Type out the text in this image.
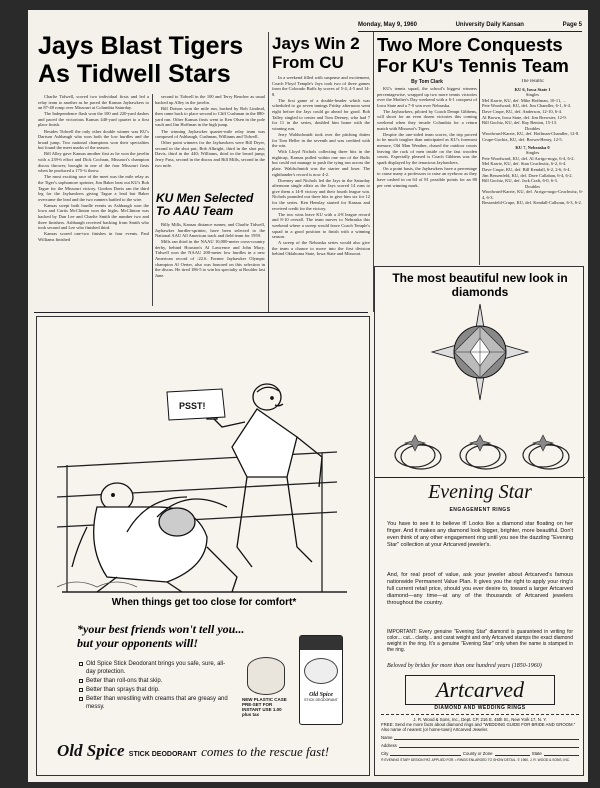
Monday, May 9, 1960	University Daily Kansan	Page 5
Jays Blast Tigers As Tidwell Stars

Charlie Tidwell, scored two individual firsts and led a relay team to another as he paced the Kansas Jayhawkers to an 87-48 romp over Missouri at Columbia Saturday.

The Independence flash won the 100 and 220-yard dashes and paced the victorious Kansas 440-yard quartet to a first place finish.

Besides Tidwell the only other double winner was KU's Dartson Ashbaugh who won both the low hurdles and the broad jump. Two national champions won their specialties but found the meet marks of the season.

Bill Alley gave Kansas another first as he won the javelin with a 239-6 effort and Dick Cochran, Missouri's champion discus thrower, brought in one of the four Missouri firsts when he produced a 175-¾ throw.

The most exciting race of the meet was the mile relay as the Tiger's sophomore sprinter, Jim Baker beat out KU's Bob Tague for the Missouri victory. Gordon Davis ran the third leg for the Jayhawkers giving Tague a lead but Baker overcame the lead and the two runners battled to the wire.

Kansas swept both hurdle events as Ashbaugh won the lowa and Curtis McClinton won the highs. McClinton was backed by Dan Lee and Charlie Smith the number two and three finishers. Ashbaugh received backing from Smith who took second and Lee who finished third.

Kansas scored one-two finishes in four events. Paul Williams finished

second to Tidwell in the 100 and Terry Beucher as usual backed up Alley in the javelin.

Bill Dotson won the mile run, backed by Bob Lindrud, then came back to place second to Cliff Cushman in the 880-yard run. Other Kansas firsts went to Ken Olsen in the pole vault and Jim Hoffman in the high jump.

The winning Jayhawker quarter-mile relay team was composed of Ashbaugh, Cushman, Williams and Tidwell.

Other point winners for the Jayhawkers were Bill Dryer, second in the shot put; Bob Albright, third in the shot put; Davis, third in the 440; Williams, third in the broad jump; Jerry Fuss, second in the discus and Bill Mills, second in the two mile.

KU Men Selected To AAU Team

Billy Mills, Kansas distance runner, and Charlie Tidwell, Jayhawker hurdler-sprinter, have been selected to the National AAU All American track and field team for 1959.

Mills ran third in the NAAU 10,000-meter cross-country derby, behind Houston's Al Lawrence and John Macy. Tidwell won the NAAU 200-meter low hurdles in a new American record of :22.6. Former Jayhawker Olympic champion Al Oerter, also was honored on this selection in the discus. He tired 186-5 to win his specialty at Boulder last June.

Jays Win 2 From CU

In a weekend filled with suspense and excitement, Coach Floyd Temple's Jays took two of three games from the Colorado Buffs by scores of 5-4, 4-5 and 14-8.

The first game of a double-header which was scheduled to go seven innings Friday afternoon went eight before the Jays could go ahead for good. Bob Talley singled to center and Tom Deeney, who had 7 for 11 in the series, doubled him home with the winning run.

Jerry Waldschmidt took over the pitching duties for Tom Heller in the seventh and was credited with the win.

With Lloyd Nichols collecting three hits in the nightcap, Kansas pulled within one run of the Buffs but could not manage to push the tying run across the plate. Waldschmidt was the starter and loser. The righthander's record is now 4-2.

Doerney and Nichols led the Jays in the Saturday afternoon single affair as the Jays scored 14 runs to give them a 14-8 victory and their fourth league win. Nichols pounded out three hits to give him six for 12 for the series. Ken Henslay started for Kansas and received credit for the victory.

The two wins leave KU with a 4-8 league record and 8-10 overall. The team moves to Nebraska this weekend where a sweep would leave Coach Temple's squad in a good position to finish with a winning season.

A sweep of the Nebraska series would also give the team a chance to move into the first division behind Oklahoma State, Iowa State and Missouri.

Two More Conquests For KU's Tennis Team
By Tom Clark

KU's tennis squad, the school's biggest winners percentagewise, wrapped up two more tennis victories over the Mother's Day weekend with a 6-1 conquest of Iowa State and a 7-0 win over Nebraska.

The Jayhawkers, piloted by Coach Dempt Gibbens, will shoot for an even dozen victories this coming weekend when they invade Columbia for a return match with Missouri's Tigers.

Despite the one-sided team scores, the trip proved to be much tougher than anticipated as KU's foremost menace, Old Man Weather, chased the outdoor courts leaving the rack of men inside on the fast wooden courts. Especially pleased is Coach Gibbens was the spark displayed by the tenacious Jayhawkers.

On a point basis, the Jayhawkers have a percentage to cause many a professors to raise an eyebrow as they have cashed in on 64 of 81 possible points for an 80 per cent winning mark.

The results:
KU 6, Iowa State 1
Singles
Mel Karrie, KU, def. Mike Hoffman, 10-11, ...
Pete Woodward, KU, def. Jim Chandler, 6-1, 6-4.
Dave Crupe, KU, def. Anderson, 12-10, 6-4.
Al Brown, Iowa State, def. Jim Brewster, 12-9.
Bill Gochiz, KU, def. Ray Benton, 15-13.
Doubles
Woodward-Karrie, KU, def. Hoffman-Chandler, 12-8.
Crupe-Gochiz, KU, def. Brown-Henry, 12-5.
KU 7, Nebraska 0
Singles
Pete Woodward, KU, def. Al Arrigo-nogo, 6-4, 6-2.
Mel Karrie, KU, def. Stan Cruchwitz, 6-2, 6-4.
Dave Crupe, KU, def. Bill Kendall, 6-2, 2-6, 6-4.
Jim Bessenfeld, KU, def. Dave Callahan, 6-4, 6-2.
Bill Gochiz, KU, def. Jack Craft, 6-0, 6-3.
Doubles
Woodward-Karrie, KU, def. Arrigo-nogo-Cruchwitz, 6-4, 6-3.
Bessenfeld-Crupe, KU, def. Kendall-Calhoun, 6-3, 6-2.
PSST!
When things get too close for comfort*
*your best friends won't tell you... but your opponents will!
Old Spice Stick Deodorant brings you safe, sure, all-day protection.
Better than roll-ons that skip.
Better than sprays that drip.
Better than wrestling with creams that are greasy and messy.
NEW PLASTIC CASE PRE-SET FOR INSTANT USE 1.00 plus tax
Old Spice
STICK DEODORANT
Old Spice STICK DEODORANT comes to the rescue fast!
The most beautiful new look in diamonds
Evening Star
ENGAGEMENT RINGS
You have to see it to believe it! Looks like a diamond star floating on her finger. And it makes any diamond look bigger, brighter, more beautiful. Don't even think of any other engagement ring until you see the dazzling "Evening Star" collection at your Artcarved jeweler's.
And, for real proof of value, ask your jeweler about Artcarved's famous nationwide Permanent Value Plan. It gives you the right to apply your ring's full current retail price, should you ever desire to, toward a larger Artcarved diamond—any time—at any of the thousands of Artcarved jewelers throughout the country.
IMPORTANT: Every genuine "Evening Star" diamond is guaranteed in writing for color... cut... clarity... and carat weight and only Artcarved stamps the exact diamond weight in the ring. It's a genuine "Evening Star" only when the name is stamped in the ring.
Beloved by brides for more than one hundred years (1850-1960)
Artcarved
DIAMOND AND WEDDING RINGS
J. R. Wood & Sons, Inc., Dept. CP, 216 E. 45th St., New York 17, N. Y.
FREE: Send me more facts about diamond rings and "WEDDING GUIDE FOR BRIDE AND GROOM." Also name of nearest (or home-town) Artcarved Jeweler.
Name
Address
City	County or Zone	State
® EVENING STAR* DESIGN PAT. APPLIED FOR. • RINGS ENLARGED TO SHOW DETAIL. © 1960, J. R. WOOD & SONS, INC.
